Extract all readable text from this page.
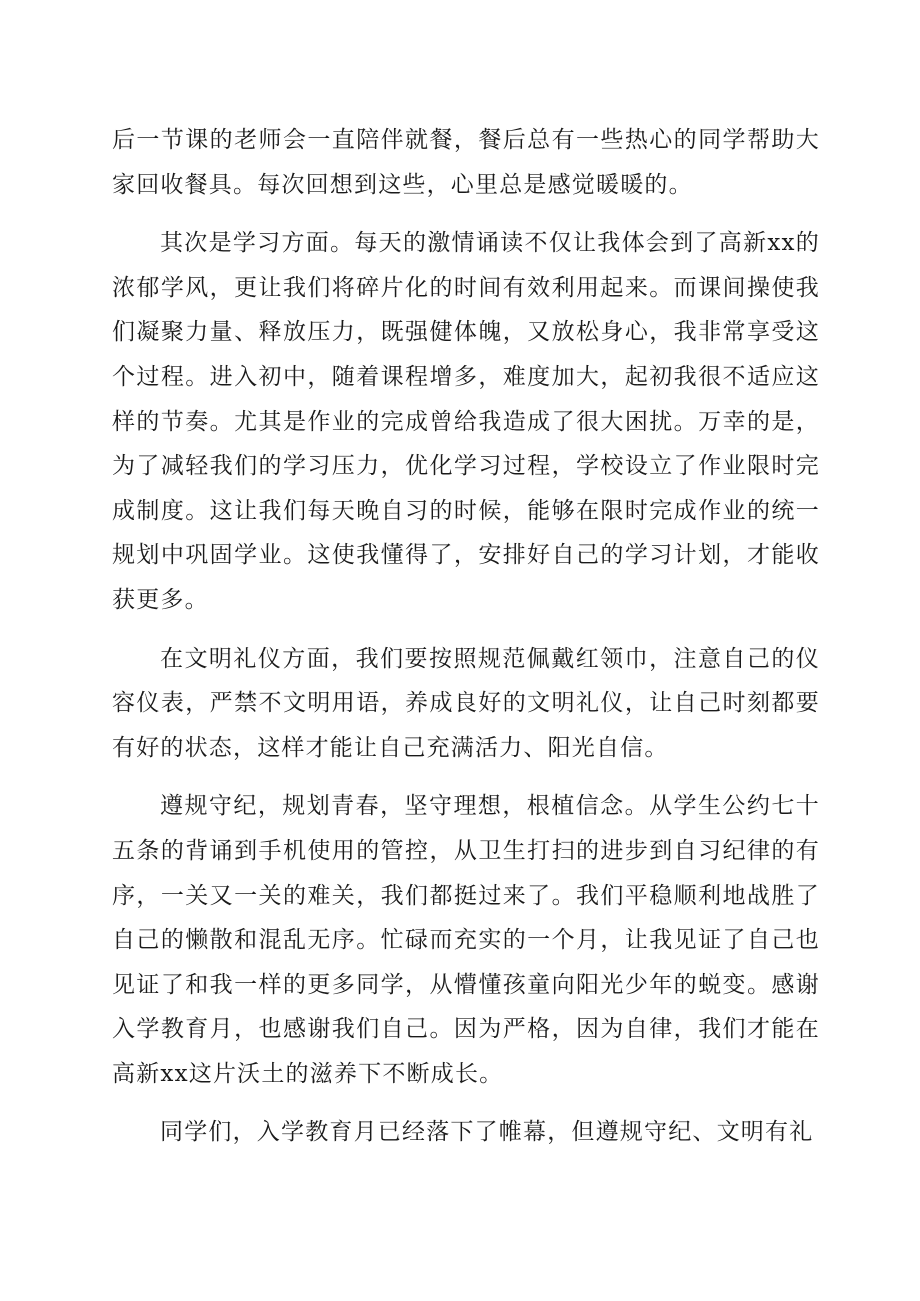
后一节课的老师会一直陪伴就餐，餐后总有一些热心的同学帮助大家回收餐具。每次回想到这些，心里总是感觉暖暖的。

其次是学习方面。每天的激情诵读不仅让我体会到了高新xx的浓郁学风，更让我们将碎片化的时间有效利用起来。而课间操使我们凝聚力量、释放压力，既强健体魄，又放松身心，我非常享受这个过程。进入初中，随着课程增多，难度加大，起初我很不适应这样的节奏。尤其是作业的完成曾给我造成了很大困扰。万幸的是，为了减轻我们的学习压力，优化学习过程，学校设立了作业限时完成制度。这让我们每天晚自习的时候，能够在限时完成作业的统一规划中巩固学业。这使我懂得了，安排好自己的学习计划，才能收获更多。

在文明礼仪方面，我们要按照规范佩戴红领巾，注意自己的仪容仪表，严禁不文明用语，养成良好的文明礼仪，让自己时刻都要有好的状态，这样才能让自己充满活力、阳光自信。

遵规守纪，规划青春，坚守理想，根植信念。从学生公约七十五条的背诵到手机使用的管控，从卫生打扫的进步到自习纪律的有序，一关又一关的难关，我们都挺过来了。我们平稳顺利地战胜了自己的懒散和混乱无序。忙碌而充实的一个月，让我见证了自己也见证了和我一样的更多同学，从懵懂孩童向阳光少年的蜕变。感谢入学教育月，也感谢我们自己。因为严格，因为自律，我们才能在高新xx这片沃土的滋养下不断成长。

同学们，入学教育月已经落下了帷幕，但遵规守纪、文明有礼
